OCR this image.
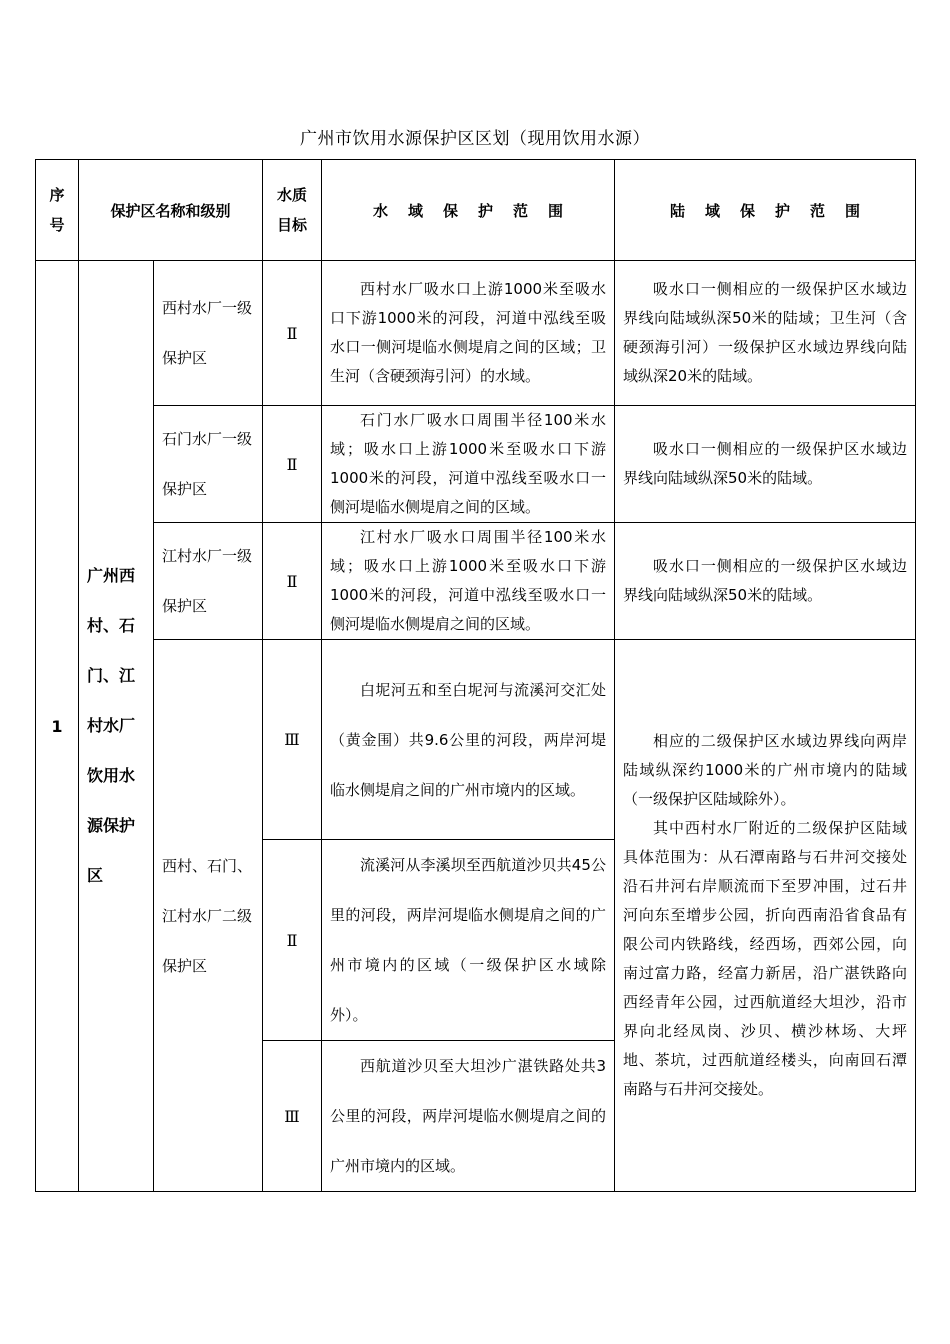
广州市饮用水源保护区区划（现用饮用水源）
序号	保护区名称和级别		水质目标	水域保护范围	陆域保护范围
1	广州西村、石门、江村水厂饮用水源保护区	西村水厂一级保护区	Ⅱ	西村水厂吸水口上游1000米至吸水口下游1000米的河段，河道中泓线至吸水口一侧河堤临水侧堤肩之间的区域；卫生河（含硬颈海引河）的水域。	吸水口一侧相应的一级保护区水域边界线向陆域纵深50米的陆域；卫生河（含硬颈海引河）一级保护区水域边界线向陆域纵深20米的陆域。

		石门水厂一级保护区	Ⅱ	石门水厂吸水口周围半径100米水域；吸水口上游1000米至吸水口下游1000米的河段，河道中泓线至吸水口一侧河堤临水侧堤肩之间的区域。	吸水口一侧相应的一级保护区水域边界线向陆域纵深50米的陆域。

		江村水厂一级保护区	Ⅱ	江村水厂吸水口周围半径100米水域；吸水口上游1000米至吸水口下游1000米的河段，河道中泓线至吸水口一侧河堤临水侧堤肩之间的区域。	吸水口一侧相应的一级保护区水域边界线向陆域纵深50米的陆域。

		西村、石门、江村水厂二级保护区	Ⅲ	白坭河五和至白坭河与流溪河交汇处（黄金围）共9.6公里的河段，两岸河堤临水侧堤肩之间的广州市境内的区域。	相应的二级保护区水域边界线向两岸陆域纵深约1000米的广州市境内的陆域（一级保护区陆域除外）。

其中西村水厂附近的二级保护区陆域具体范围为：从石潭南路与石井河交接处沿石井河右岸顺流而下至罗冲围，过石井河向东至增步公园，折向西南沿省食品有限公司内铁路线，经西场，西郊公园，向南过富力路，经富力新居，沿广湛铁路向西经青年公园，过西航道经大坦沙，沿市界向北经凤岗、沙贝、横沙林场、大坪地、茶坑，过西航道经楼头，向南回石潭南路与石井河交接处。

			Ⅱ	流溪河从李溪坝至西航道沙贝共45公里的河段，两岸河堤临水侧堤肩之间的广州市境内的区域（一级保护区水域除外）。	

			Ⅲ	西航道沙贝至大坦沙广湛铁路处共3公里的河段，两岸河堤临水侧堤肩之间的广州市境内的区域。	
